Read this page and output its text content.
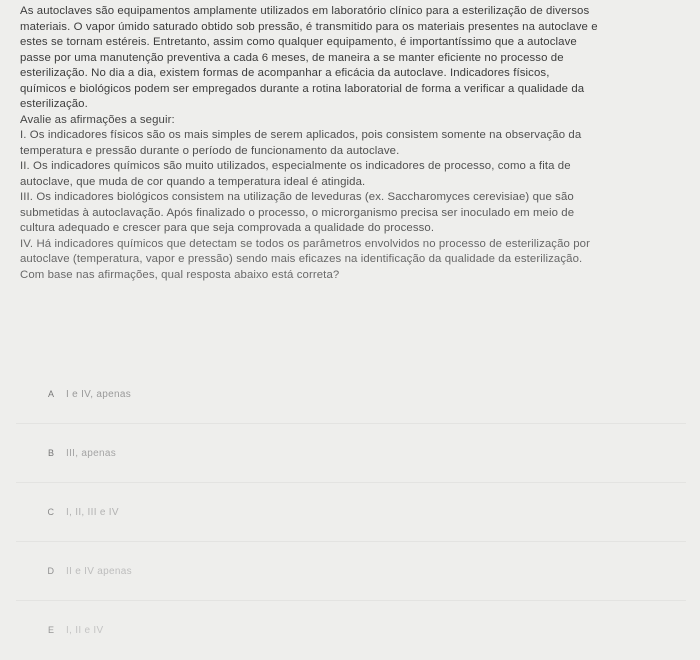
As autoclaves são equipamentos amplamente utilizados em laboratório clínico para a esterilização de diversos

materiais. O vapor úmido saturado obtido sob pressão, é transmitido para os materiais presentes na autoclave e

estes se tornam estéreis. Entretanto, assim como qualquer equipamento, é importantíssimo que a autoclave

passe por uma manutenção preventiva a cada 6 meses, de maneira a se manter eficiente no processo de

esterilização. No dia a dia, existem formas de acompanhar a eficácia da autoclave. Indicadores físicos,

químicos e biológicos podem ser empregados durante a rotina laboratorial de forma a verificar a qualidade da

esterilização.

Avalie as afirmações a seguir:

I. Os indicadores físicos são os mais simples de serem aplicados, pois consistem somente na observação da

temperatura e pressão durante o período de funcionamento da autoclave.

II. Os indicadores químicos são muito utilizados, especialmente os indicadores de processo, como a fita de

autoclave, que muda de cor quando a temperatura ideal é atingida.

III. Os indicadores biológicos consistem na utilização de leveduras (ex. Saccharomyces cerevisiae) que são

submetidas à autoclavação. Após finalizado o processo, o microrganismo precisa ser inoculado em meio de

cultura adequado e crescer para que seja comprovada a qualidade do processo.

IV. Há indicadores químicos que detectam se todos os parâmetros envolvidos no processo de esterilização por

autoclave (temperatura, vapor e pressão) sendo mais eficazes na identificação da qualidade da esterilização.

Com base nas afirmações, qual resposta abaixo está correta?

A	I e IV, apenas
B	III, apenas
C	I, II, III e IV
D	II e IV apenas
E	I, II e IV
